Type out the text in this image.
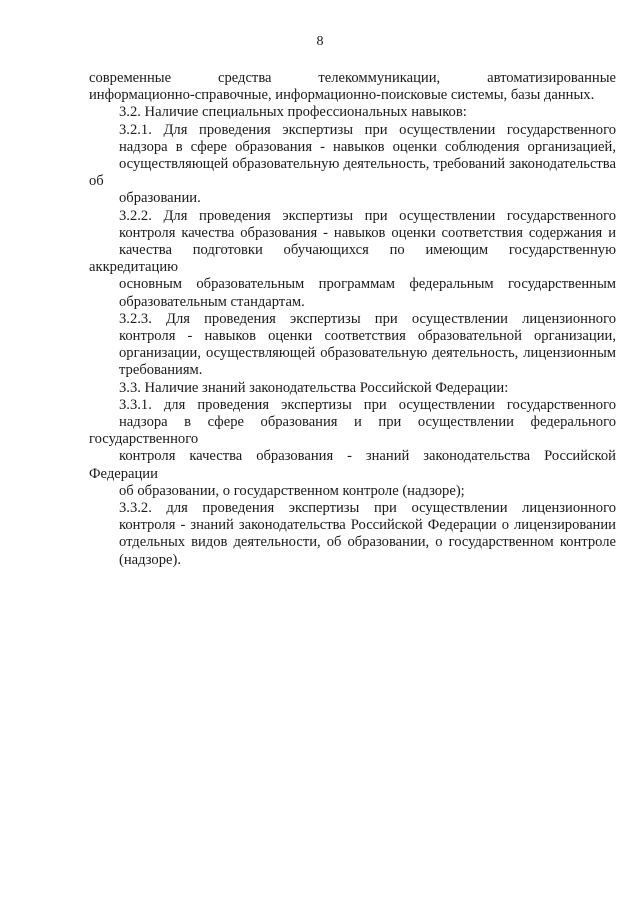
8

современные средства телекоммуникации, автоматизированные
информационно-справочные, информационно-поисковые системы, базы данных.

3.2. Наличие специальных профессиональных навыков:

3.2.1. Для проведения экспертизы при осуществлении государственного
надзора в сфере образования - навыков оценки соблюдения организацией,
осуществляющей образовательную деятельность, требований законодательства об
образовании.

3.2.2. Для проведения экспертизы при осуществлении государственного
контроля качества образования - навыков оценки соответствия содержания и
качества подготовки обучающихся по имеющим государственную аккредитацию
основным образовательным программам федеральным государственным
образовательным стандартам.

3.2.3. Для проведения экспертизы при осуществлении лицензионного
контроля - навыков оценки соответствия образовательной организации,
организации, осуществляющей образовательную деятельность, лицензионным
требованиям.

3.3. Наличие знаний законодательства Российской Федерации:

3.3.1. для проведения экспертизы при осуществлении государственного
надзора в сфере образования и при осуществлении федерального государственного
контроля качества образования - знаний законодательства Российской Федерации
об образовании, о государственном контроле (надзоре);

3.3.2. для проведения экспертизы при осуществлении лицензионного
контроля - знаний законодательства Российской Федерации о лицензировании
отдельных видов деятельности, об образовании, о государственном контроле
(надзоре).
